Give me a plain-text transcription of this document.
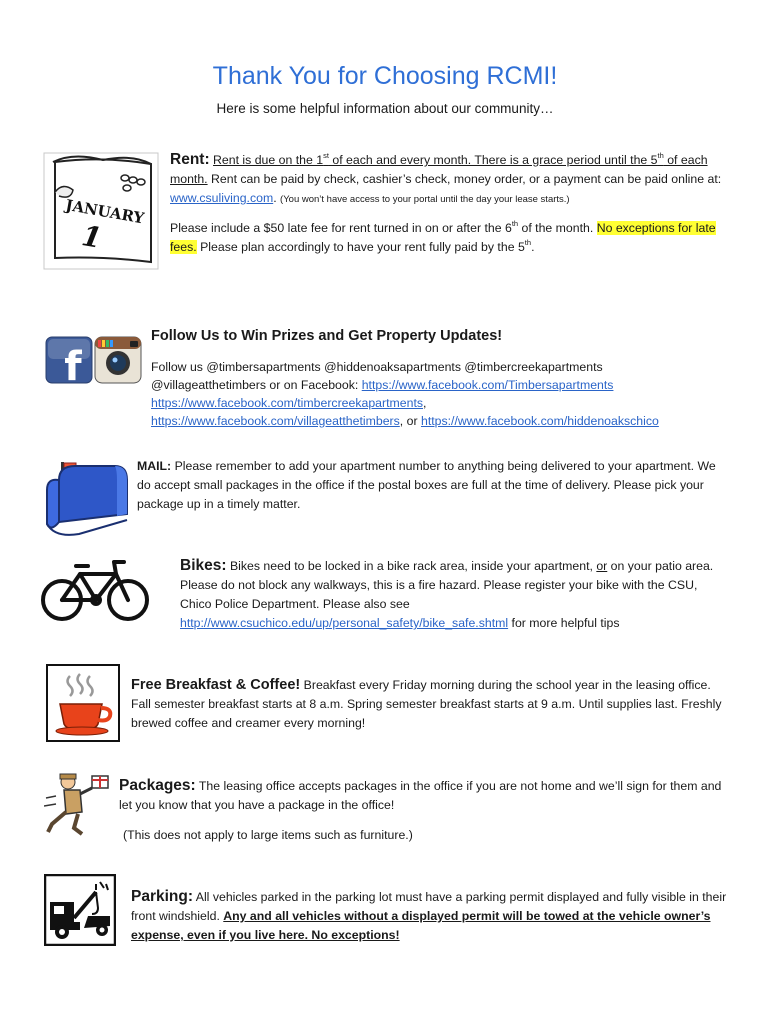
Thank You for Choosing RCMI!
Here is some helpful information about our community…
JANUARY
1
Rent: Rent is due on the 1st of each and every month. There is a grace period until the 5th of each month. Rent can be paid by check, cashier’s check, money order, or a payment can be paid online at: www.csuliving.com. (You won’t have access to your portal until the day your lease starts.)
Please include a $50 late fee for rent turned in on or after the 6th of the month. No exceptions for late fees. Please plan accordingly to have your rent fully paid by the 5th.
f
Follow Us to Win Prizes and Get Property Updates!
Follow us @timbersapartments @hiddenoaksapartments @timbercreekapartments
@villageatthetimbers or on Facebook: https://www.facebook.com/Timbersapartments
https://www.facebook.com/timbercreekapartments,
https://www.facebook.com/villageatthetimbers, or https://www.facebook.com/hiddenoakschico
MAIL: Please remember to add your apartment number to anything being delivered to your apartment. We do accept small packages in the office if the postal boxes are full at the time of delivery. Please pick your package up in a timely matter.
Bikes: Bikes need to be locked in a bike rack area, inside your apartment, or on your patio area. Please do not block any walkways, this is a fire hazard. Please register your bike with the CSU, Chico Police Department. Please also see http://www.csuchico.edu/up/personal_safety/bike_safe.shtml for more helpful tips
Free Breakfast & Coffee! Breakfast every Friday morning during the school year in the leasing office. Fall semester breakfast starts at 8 a.m. Spring semester breakfast starts at 9 a.m. Until supplies last. Freshly brewed coffee and creamer every morning!
Packages: The leasing office accepts packages in the office if you are not home and we’ll sign for them and let you know that you have a package in the office!
(This does not apply to large items such as furniture.)
Parking: All vehicles parked in the parking lot must have a parking permit displayed and fully visible in their front windshield. Any and all vehicles without a displayed permit will be towed at the vehicle owner’s expense, even if you live here. No exceptions!
